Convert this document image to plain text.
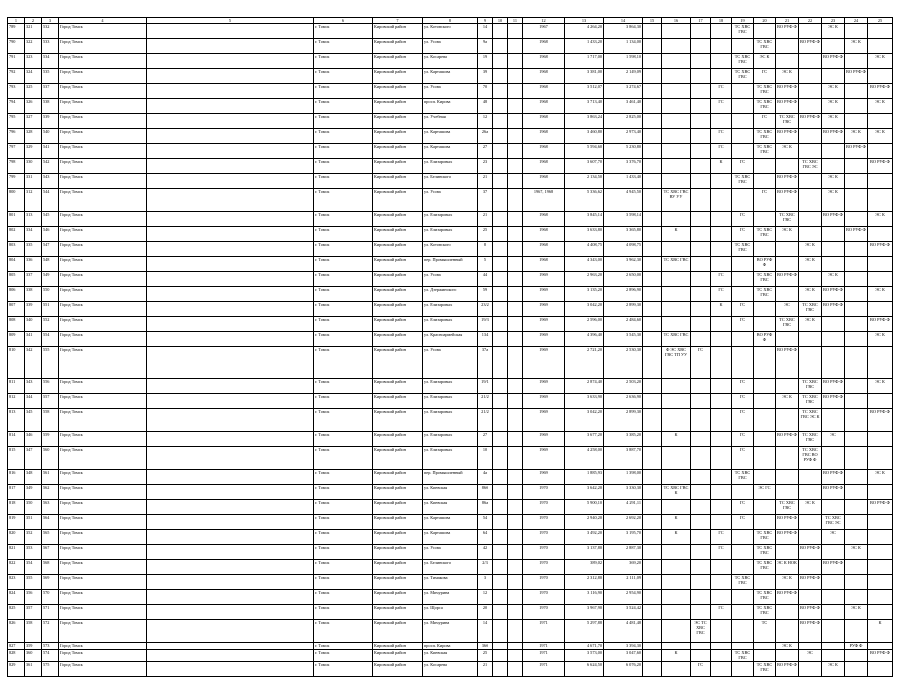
1	2	3	4	5	6	7	8	9	10	11	12	13	14	15	16	17	18	19	20	21	22	23	24	25
789	321	532	Город Томск		г. Томск	Кировский район	ул. Котовского	14			1967	4 264,20	3 864,30					ТС ХВС ГВС		ВО РУФ Ф		ЭС К		
790	322	533	Город Томск		г. Томск	Кировский район	ул. Усова	9а			1968	1 433,20	1 134,00						ТС ХВС ГВС		ВО РУФ Ф		ЭС К	
791	323	534	Город Томск		г. Томск	Кировский район	ул. Косарева	19			1968	1 717,00	1 598,10					ТС ХВС ГВС	ЭС К			ВО РУФ Ф		ЭС К
792	324	535	Город Томск		г. Томск	Кировский район	ул. Карташова	39			1968	3 381,00	2 149,09					ТС ХВС ГВС	ГС	ЭС К			ВО РУФ Ф	
793	325	537	Город Томск		г. Томск	Кировский район	ул. Усова	70			1968	3 512,07	3 274,67				ГС		ТС ХВС ГВС	ВО РУФ Ф		ЭС К		ВО РУФ Ф
794	326	538	Город Томск		г. Томск	Кировский район	просп. Кирова	48			1968	3 713,40	3 461,40				ГС		ТС ХВС ГВС	ВО РУФ Ф		ЭС К		ЭС К
795	327	539	Город Томск		г. Томск	Кировский район	ул. Учебная	12			1968	3 863,24	2 825,00						ГС	ТС ХВС ГВС	ВО РУФ Ф	ЭС К		
796	328	540	Город Томск		г. Томск	Кировский район	ул. Карташова	26а			1968	3 460,80	2 973,40				ГС		ТС ХВС ГВС	ВО РУФ Ф		ВО РУФ Ф	ЭС К	ЭС К
797	329	541	Город Томск		г. Томск	Кировский район	ул. Карташова	27			1968	5 594,60	5 230,80				ГС		ТС ХВС ГВС	ЭС К			ВО РУФ Ф	
798	330	542	Город Томск		г. Томск	Кировский район	ул. Елизаровых	23			1968	3 607,70	3 376,70				К	ГС			ТС ХВС ГВС ЭС			ВО РУФ Ф
799	331	543	Город Томск		г. Томск	Кировский район	ул. Белинского	21			1968	2 134,50	1 433,40					ТС ХВС ГВС		ВО РУФ Ф		ЭС К		
800	312	544	Город Томск		г. Томск	Кировский район	ул. Усова	37			1967, 1968	5 336,62	4 945,50		ТС ХВС ГВС ВУ УУ				ГС	ВО РУФ Ф		ЭС К		
801	313	545	Город Томск		г. Томск	Кировский район	ул. Елизаровых	21			1968	3 845,14	3 598,14					ГС		ТС ХВС ГВС		ВО РУФ Ф		ЭС К
802	334	546	Город Томск		г. Томск	Кировский район	ул. Елизаровых	25			1968	3 633,80	3 365,80		К			ГС	ТС ХВС ГВС	ЭС К			ВО РУФ Ф	
803	335	547	Город Томск		г. Томск	Кировский район	ул. Котовского	8			1968	4 408,75	4 098,75					ТС ХВС ГВС			ЭС К			ВО РУФ Ф
804	336	548	Город Томск		г. Томск	Кировский район	пер. Промышленный	5			1968	4 343,00	3 962,30		ТС ХВС ГВС				ВО РУФ Ф		ЭС К			
805	337	549	Город Томск		г. Томск	Кировский район	ул. Усова	44			1969	2 963,20	2 650,00				ГС		ТС ХВС ГВС	ВО РУФ Ф		ЭС К		
806	338	550	Город Томск		г. Томск	Кировский район	ул. Дзержинского	59			1969	3 135,20	2 896,90				ГС		ТС ХВС ГВС		ЭС К	ВО РУФ Ф		ЭС К
807	339	551	Город Томск		г. Томск	Кировский район	ул. Елизаровых	23/2			1969	3 042,20	2 899,30				К	ГС		ЭС	ТС ХВС ГВС	ВО РУФ Ф		
808	340	552	Город Томск		г. Томск	Кировский район	ул. Елизаровых	19/3			1969	2 596,00	2 484,60					ГС		ТС ХВС ГВС	ЭС К			ВО РУФ Ф
809	341	554	Город Томск		г. Томск	Кировский район	ул. Красноармейская	134			1969	4 396,40	3 545,30		ТС ХВС ГВС				ВО РУФ Ф					ЭС К
810	342	555	Город Томск		г. Томск	Кировский район	ул. Усова	37а			1969	2 721,20	2 530,30		Ф ЭС ХВС ГВС ТП УУ	ГС				ВО РУФ Ф				
811	343	556	Город Томск		г. Томск	Кировский район	ул. Елизаровых	19/1			1969	2 874,40	2 503,20					ГС			ТС ХВС ГВС	ВО РУФ Ф		ЭС К
812	344	557	Город Томск		г. Томск	Кировский район	ул. Елизаровых	21/2			1969	3 633,90	2 636,90					ГС		ЭС К	ТС ХВС ГВС	ВО РУФ Ф		
813	345	558	Город Томск		г. Томск	Кировский район	ул. Елизаровых	21/2			1969	3 042,20	2 899,30					ГС			ТС ХВС ГВС ЭС К			ВО РУФ Ф
814	346	559	Город Томск		г. Томск	Кировский район	ул. Елизаровых	27			1969	3 677,20	3 385,20		К			ГС		ВО РУФ Ф	ТС ХВС ГВС	ЭС		
815	347	560	Город Томск		г. Томск	Кировский район	ул. Елизаровых	10			1969	4 258,00	3 887,70					ГС			ТС ХВС ГВС ВО РУФ Ф			
816	348	561	Город Томск		г. Томск	Кировский район	пер. Промышленный	4а			1969	1 885,93	1 398,00					ТС ХВС ГВС				ВО РУФ Ф		ЭС К
817	349	562	Город Томск		г. Томск	Кировский район	ул. Киевская	86б			1970	3 642,20	3 330,30		ТС ХВС ГВС К				ЭС ГС			ВО РУФ Ф		
818	350	563	Город Томск		г. Томск	Кировский район	ул. Киевская	86а			1970	5 900,10	4 291,11					ГС		ТС ХВС ГВС	ЭС К			ВО РУФ Ф
819	351	564	Город Томск		г. Томск	Кировский район	ул. Карташова	54			1970	2 940,20	2 692,20		К			ГС		ВО РУФ Ф		ТС ХВС ГВС ЭС		
820	352	565	Город Томск		г. Томск	Кировский район	ул. Карташова	64			1970	3 492,20	3 195,70		К		ГС		ТС ХВС ГВС	ВО РУФ Ф		ЭС		
821	353	567	Город Томск		г. Томск	Кировский район	ул. Усова	42			1970	3 137,80	2 887,30				ГС		ТС ХВС ГВС		ВО РУФ Ф		ЭС К	
822	354	568	Город Томск		г. Томск	Кировский район	ул. Белинского	2/3			1970	389,02	369,20						ТС ХВС ГВС	ЭС К НОК		ВО РУФ Ф		
823	355	569	Город Томск		г. Томск	Кировский район	ул. Тимакова	3			1970	2 312,80	2 111,09					ТС ХВС ГВС		ЭС К	ВО РУФ Ф			
824	356	570	Город Томск		г. Томск	Кировский район	ул. Мичурина	12			1970	3 116,90	2 954,90						ТС ХВС ГВС	ВО РУФ Ф				
825	357	571	Город Томск		г. Томск	Кировский район	ул. Щорса	20			1970	3 967,90	3 524,42				ГС		ТС ХВС ГВС		ВО РУФ Ф		ЭС К	
826	358	572	Город Томск		г. Томск	Кировский район	ул. Мичурина	14			1971	5 297,88	4 481,48			ЭС ТС ХВС ГВС			ТС		ВО РУФ Ф			К
827	359	573	Город Томск		г. Томск	Кировский район	просп. Кирова	36б			1971	4 671,70	3 394,30							ЭС К			РУФ Ф	
828	360	574	Город Томск		г. Томск	Кировский район	ул. Киевская	25			1971	3 573,00	3 047,60		К			ТС ХВС ГВС			ЭС			ВО РУФ Ф
829	361	575	Город Томск		г. Томск	Кировский район	ул. Косарева	21			1971	6 624,50	6 076,20			ГС			ТС ХВС ГВС	ВО РУФ Ф		ЭС К		
